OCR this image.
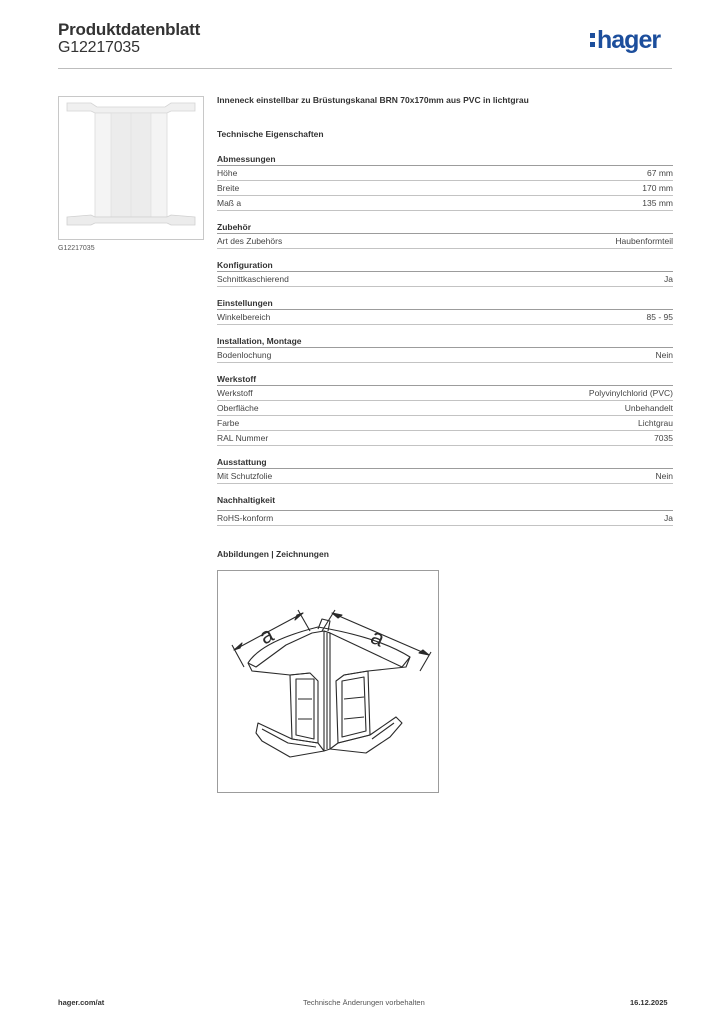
Produktdatenblatt
G12217035	hager
G12217035
Inneneck einstellbar zu Brüstungskanal BRN 70x170mm aus PVC in lichtgrau
Technische Eigenschaften
Abmessungen
Höhe	67 mm
Breite	170 mm
Maß a	135 mm
Zubehör
Art des Zubehörs	Haubenformteil
Konfiguration
Schnittkaschierend	Ja
Einstellungen
Winkelbereich	85 - 95
Installation, Montage
Bodenlochung	Nein
Werkstoff
Werkstoff	Polyvinylchlorid (PVC)
Oberfläche	Unbehandelt
Farbe	Lichtgrau
RAL Nummer	7035
Ausstattung
Mit Schutzfolie	Nein
Nachhaltigkeit
RoHS-konform	Ja
Abbildungen | Zeichnungen
a	a
hager.com/at	Technische Änderungen vorbehalten	16.12.2025
